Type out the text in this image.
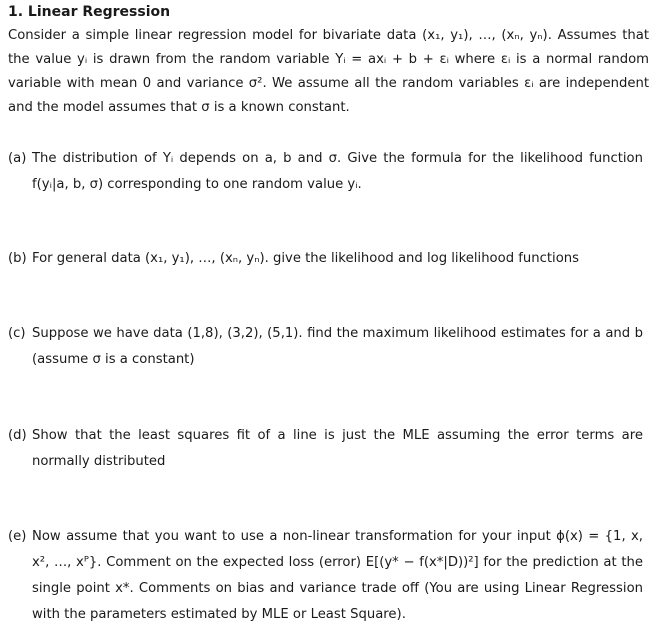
1. Linear Regression

Consider a simple linear regression model for bivariate data (x₁, y₁), …, (xₙ, yₙ). Assumes that the value yᵢ is drawn from the random variable Yᵢ = axᵢ + b + εᵢ where εᵢ is a normal random variable with mean 0 and variance σ². We assume all the random variables εᵢ are independent and the model assumes that σ is a known constant.

(a) The distribution of Yᵢ depends on a, b and σ. Give the formula for the likelihood function f(yᵢ|a, b, σ) corresponding to one random value yᵢ.
(b) For general data (x₁, y₁), …, (xₙ, yₙ). give the likelihood and log likelihood functions
(c) Suppose we have data (1,8), (3,2), (5,1). find the maximum likelihood estimates for a and b (assume σ is a constant)
(d) Show that the least squares fit of a line is just the MLE assuming the error terms are normally distributed
(e) Now assume that you want to use a non-linear transformation for your input ϕ(x) = {1, x, x², …, xᴾ}. Comment on the expected loss (error) E[(y* − f(x*|D))²] for the prediction at the single point x*. Comments on bias and variance trade off (You are using Linear Regression with the parameters estimated by MLE or Least Square).
